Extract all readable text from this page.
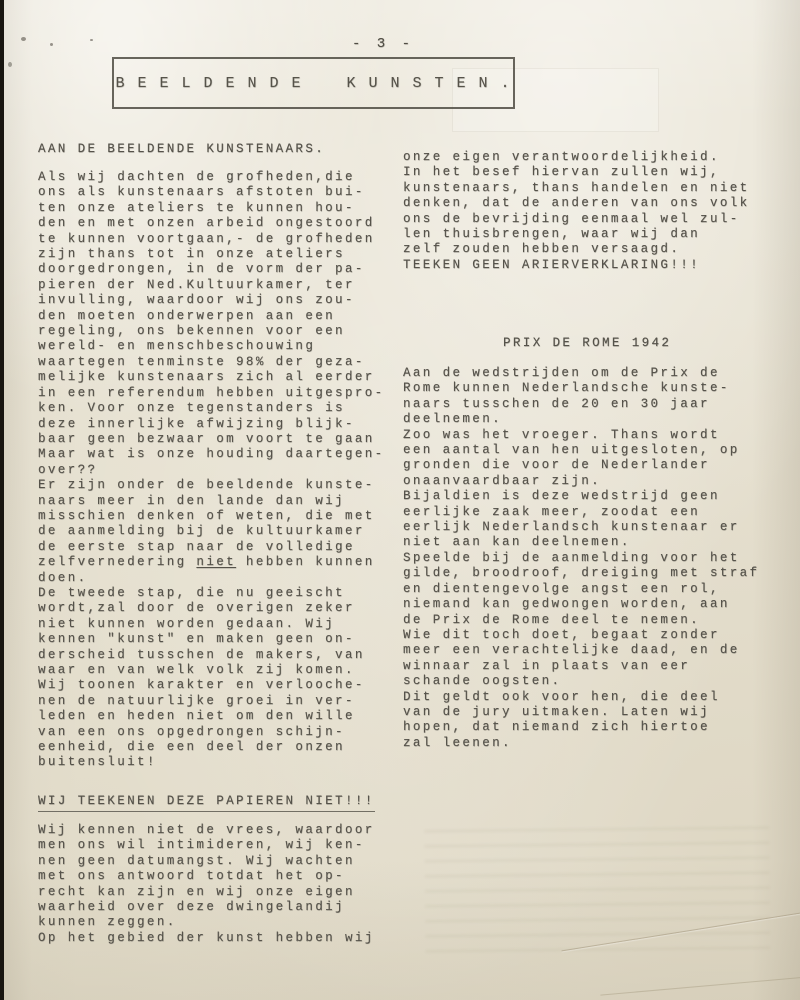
- 3 -
B E E L D E N D E    K U N S T E N .
AAN DE BEELDENDE KUNSTENAARS.

Als wij dachten de grofheden,die
ons als kunstenaars afstoten bui-
ten onze ateliers te kunnen hou-
den en met onzen arbeid ongestoord
te kunnen voortgaan,- de grofheden
zijn thans tot in onze ateliers
doorgedrongen, in de vorm der pa-
pieren der Ned.Kultuurkamer, ter
invulling, waardoor wij ons zou-
den moeten onderwerpen aan een
regeling, ons bekennen voor een
wereld- en menschbeschouwing
waartegen tenminste 98% der geza-
melijke kunstenaars zich al eerder
in een referendum hebben uitgespro-
ken. Voor onze tegenstanders is
deze innerlijke afwijzing blijk-
baar geen bezwaar om voort te gaan
Maar wat is onze houding daartegen-
over??
Er zijn onder de beeldende kunste-
naars meer in den lande dan wij
misschien denken of weten, die met
de aanmelding bij de kultuurkamer
de eerste stap naar de volledige
zelfvernedering niet hebben kunnen
doen.
De tweede stap, die nu geeischt
wordt,zal door de overigen zeker
niet kunnen worden gedaan. Wij
kennen "kunst" en maken geen on-
derscheid tusschen de makers, van
waar en van welk volk zij komen.
Wij toonen karakter en verlooche-
nen de natuurlijke groei in ver-
leden en heden niet om den wille
van een ons opgedrongen schijn-
eenheid, die een deel der onzen
buitensluit!

WIJ TEEKENEN DEZE PAPIEREN NIET!!!

Wij kennen niet de vrees, waardoor
men ons wil intimideren, wij ken-
nen geen datumangst. Wij wachten
met ons antwoord totdat het op-
recht kan zijn en wij onze eigen
waarheid over deze dwingelandij
kunnen zeggen.
Op het gebied der kunst hebben wij

onze eigen verantwoordelijkheid.
In het besef hiervan zullen wij,
kunstenaars, thans handelen en niet
denken, dat de anderen van ons volk
ons de bevrijding eenmaal wel zul-
len thuisbrengen, waar wij dan
zelf zouden hebben versaagd.
TEEKEN GEEN ARIERVERKLARING!!!

PRIX DE ROME 1942

Aan de wedstrijden om de Prix de
Rome kunnen Nederlandsche kunste-
naars tusschen de 20 en 30 jaar
deelnemen.
Zoo was het vroeger. Thans wordt
een aantal van hen uitgesloten, op
gronden die voor de Nederlander
onaanvaardbaar zijn.
Bijaldien is deze wedstrijd geen
eerlijke zaak meer, zoodat een
eerlijk Nederlandsch kunstenaar er
niet aan kan deelnemen.
Speelde bij de aanmelding voor het
gilde, broodroof, dreiging met straf
en dientengevolge angst een rol,
niemand kan gedwongen worden, aan
de Prix de Rome deel te nemen.
Wie dit toch doet, begaat zonder
meer een verachtelijke daad, en de
winnaar zal in plaats van eer
schande oogsten.
Dit geldt ook voor hen, die deel
van de jury uitmaken. Laten wij
hopen, dat niemand zich hiertoe
zal leenen.
